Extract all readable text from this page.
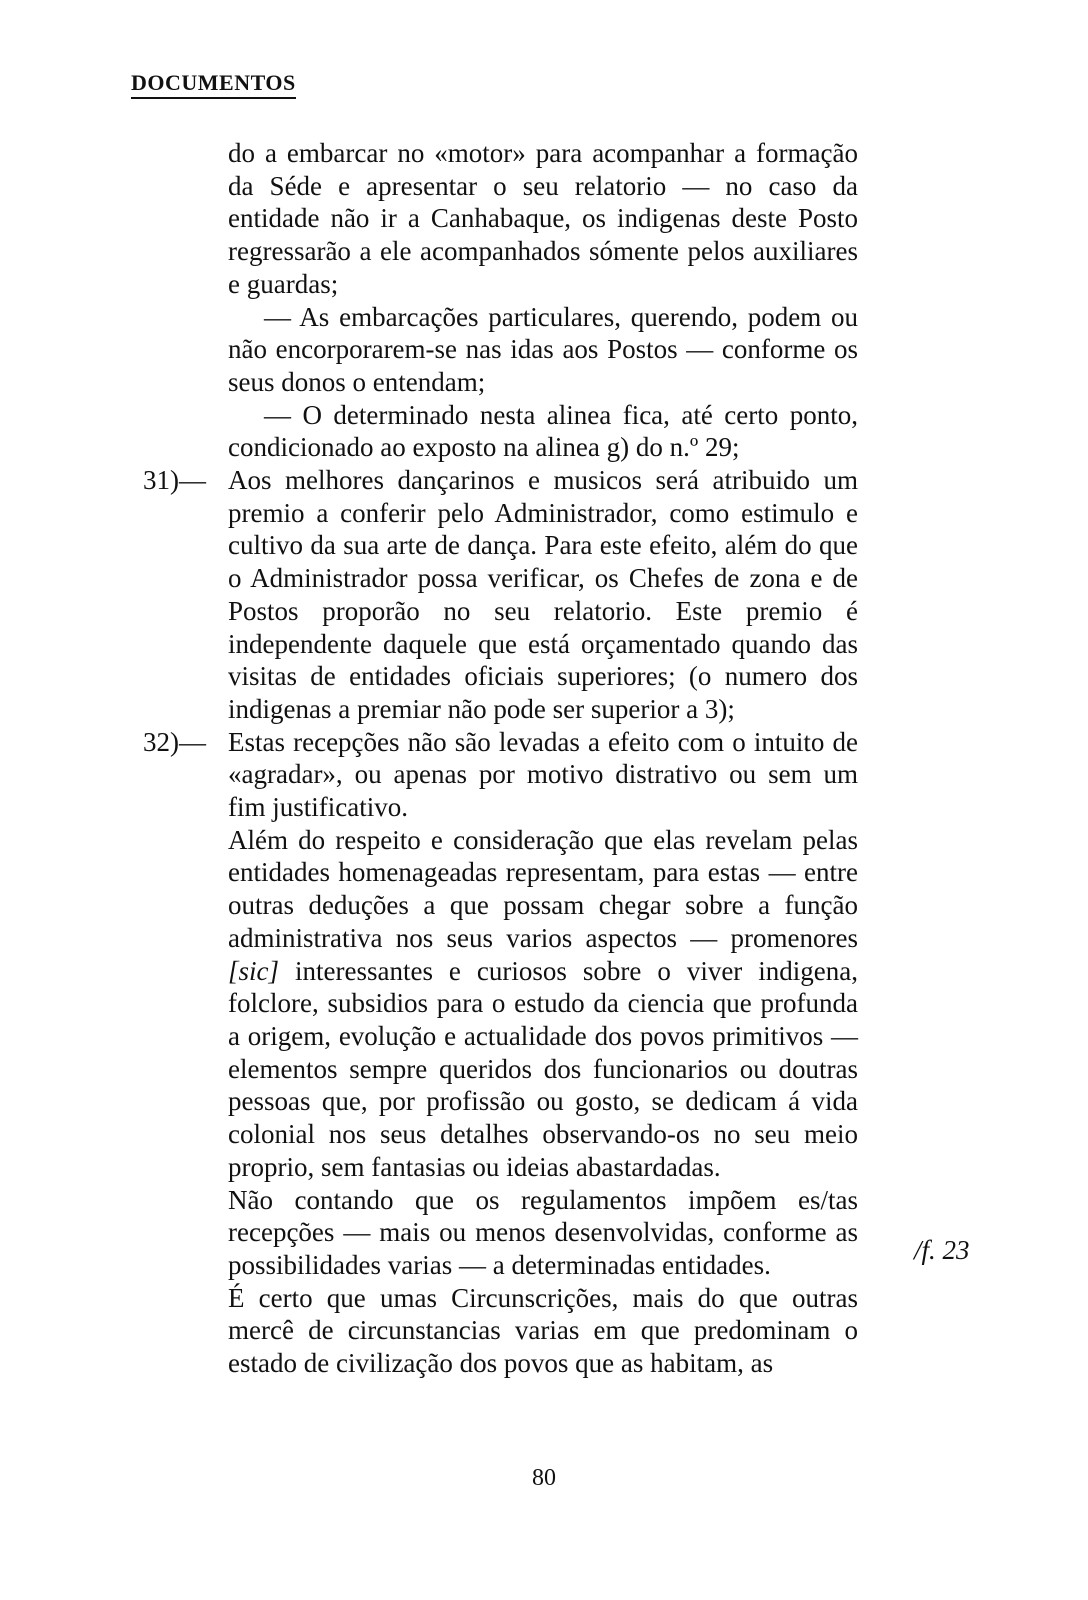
DOCUMENTOS

do a embarcar no «motor» para acompanhar a formação da Séde e apresentar o seu relatorio — no caso da entidade não ir a Canhabaque, os indigenas deste Posto regressarão a ele acompanhados sómente pelos auxiliares e guardas;

— As embarcações particulares, querendo, podem ou não encorporarem-se nas idas aos Postos — conforme os seus donos o entendam;

— O determinado nesta alinea fica, até certo ponto, condicionado ao exposto na alinea g) do n.º 29;

31)— Aos melhores dançarinos e musicos será atribuido um premio a conferir pelo Administrador, como estimulo e cultivo da sua arte de dança. Para este efeito, além do que o Administrador possa verificar, os Chefes de zona e de Postos proporão no seu relatorio. Este premio é independente daquele que está orçamentado quando das visitas de entidades oficiais superiores; (o numero dos indigenas a premiar não pode ser superior a 3);

32)— Estas recepções não são levadas a efeito com o intuito de «agradar», ou apenas por motivo distrativo ou sem um fim justificativo.

Além do respeito e consideração que elas revelam pelas entidades homenageadas representam, para estas — entre outras deduções a que possam chegar sobre a função administrativa nos seus varios aspectos — promenores [sic] interessantes e curiosos sobre o viver indigena, folclore, subsidios para o estudo da ciencia que profunda a origem, evolução e actualidade dos povos primitivos — elementos sempre queridos dos funcionarios ou doutras pessoas que, por profissão ou gosto, se dedicam á vida colonial nos seus detalhes observando-os no seu meio proprio, sem fantasias ou ideias abastardadas.

Não contando que os regulamentos impõem es/tas recepções — mais ou menos desenvolvidas, conforme as possibilidades varias — a determinadas entidades.

É certo que umas Circunscrições, mais do que outras mercê de circunstancias varias em que predominam o estado de civilização dos povos que as habitam, as

/f. 23
80
